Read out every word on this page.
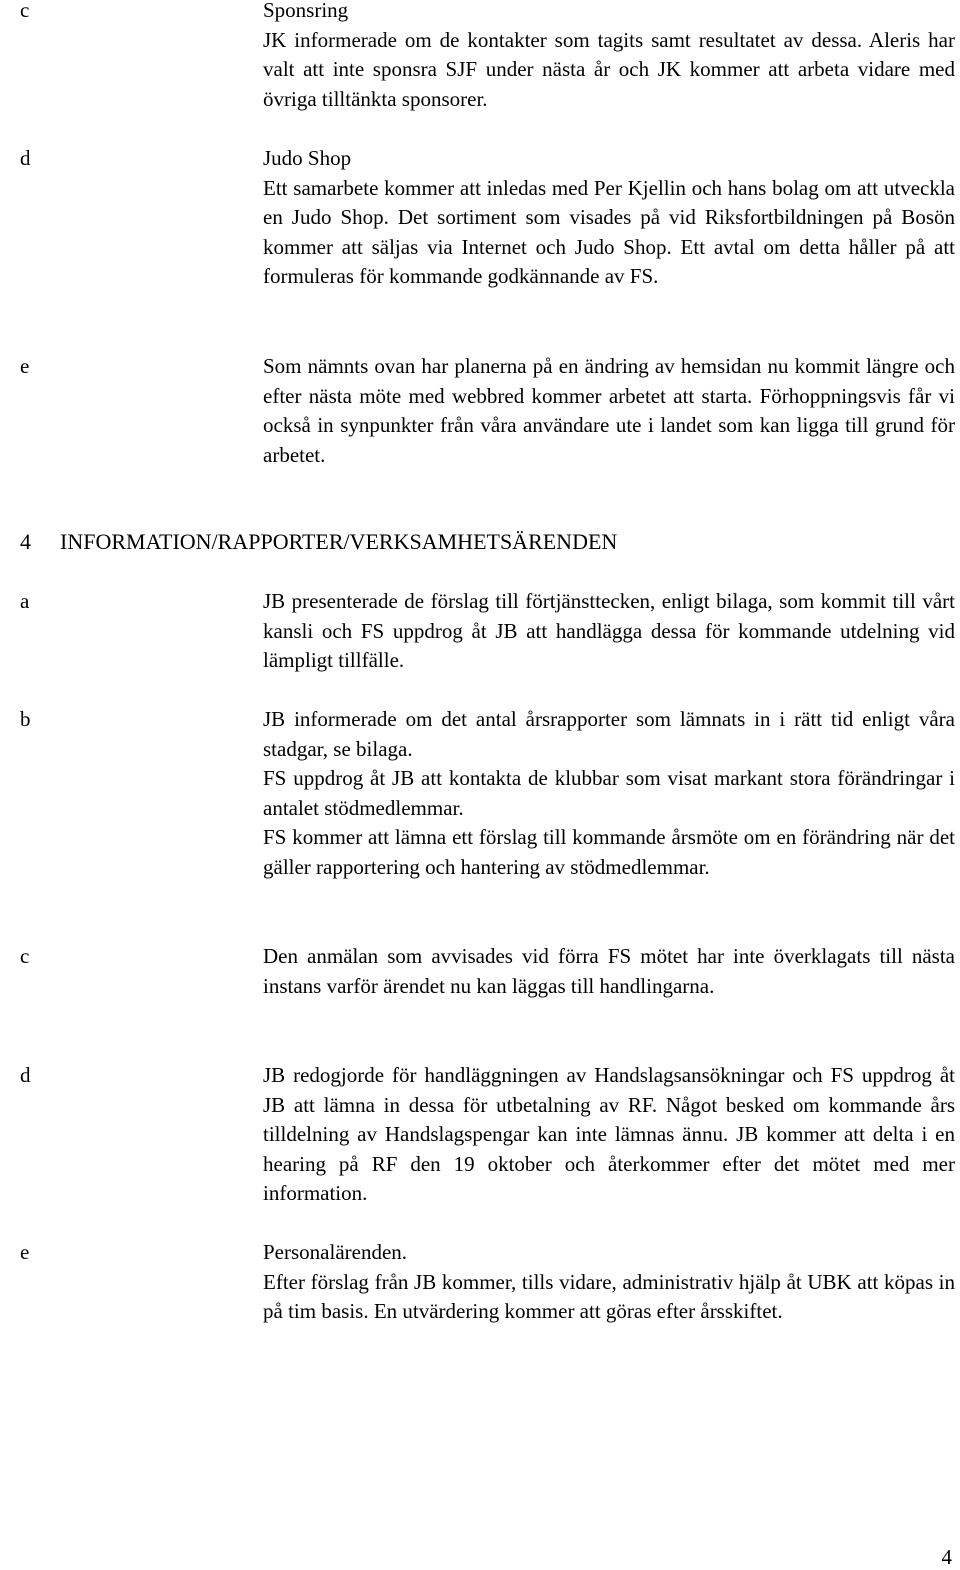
c	Sponsring
JK informerade om de kontakter som tagits samt resultatet av dessa. Aleris har valt att inte sponsra SJF under nästa år och JK kommer att arbeta vidare med övriga tilltänkta sponsorer.
d	Judo Shop
Ett samarbete kommer att inledas med Per Kjellin och hans bolag om att utveckla en Judo Shop. Det sortiment som visades på vid Riksfortbildningen på Bosön kommer att säljas via Internet och Judo Shop. Ett avtal om detta håller på att formuleras för kommande godkännande av FS.
e	Som nämnts ovan har planerna på en ändring av hemsidan nu kommit längre och efter nästa möte med webbred kommer arbetet att starta. Förhoppningsvis får vi också in synpunkter från våra användare ute i landet som kan ligga till grund för arbetet.
4 INFORMATION/RAPPORTER/VERKSAMHETSÄRENDEN
a	JB presenterade de förslag till förtjänsttecken, enligt bilaga, som kommit till vårt kansli och FS uppdrog åt JB att handlägga dessa för kommande utdelning vid lämpligt tillfälle.
b	JB informerade om det antal årsrapporter som lämnats in i rätt tid enligt våra stadgar, se bilaga.
FS uppdrog åt JB att kontakta de klubbar som visat markant stora förändringar i antalet stödmedlemmar.
FS kommer att lämna ett förslag till kommande årsmöte om en förändring när det gäller rapportering och hantering av stödmedlemmar.
c	Den anmälan som avvisades vid förra FS mötet har inte överklagats till nästa instans varför ärendet nu kan läggas till handlingarna.
d	JB redogjorde för handläggningen av Handslagsansökningar och FS uppdrog åt JB att lämna in dessa för utbetalning av RF. Något besked om kommande års tilldelning av Handslagspengar kan inte lämnas ännu. JB kommer att delta i en hearing på RF den 19 oktober och återkommer efter det mötet med mer information.
e	Personalärenden.
Efter förslag från JB kommer, tills vidare, administrativ hjälp åt UBK att köpas in på tim basis. En utvärdering kommer att göras efter årsskiftet.
4
